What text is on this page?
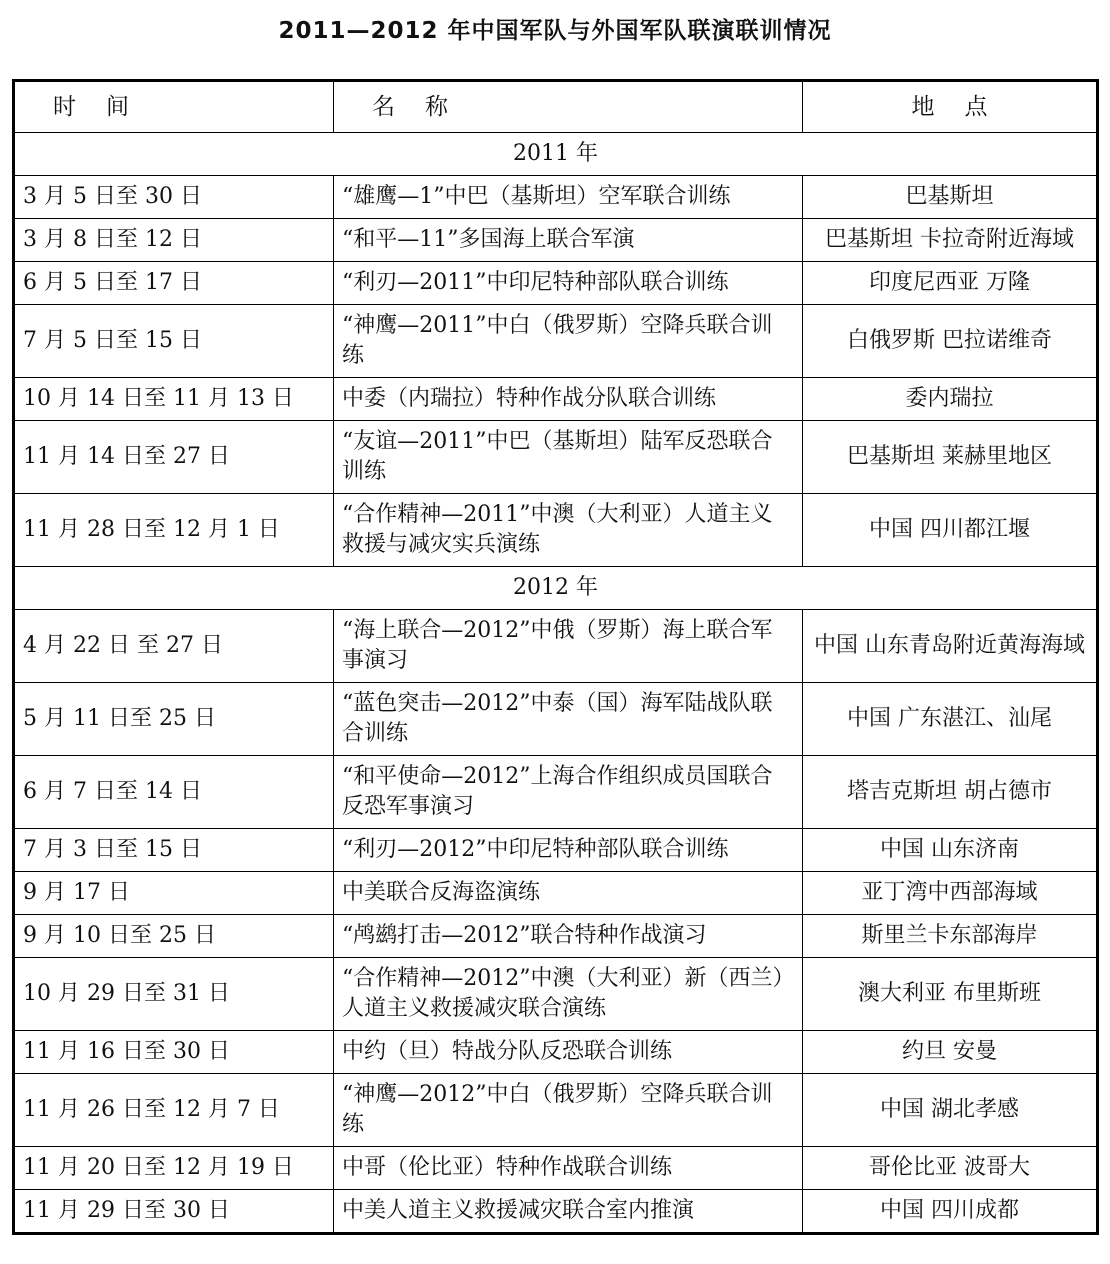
2011—2012 年中国军队与外国军队联演联训情况
时间	名称	地点
2011 年		
3 月 5 日至 30 日	“雄鹰—1”中巴（基斯坦）空军联合训练	巴基斯坦
3 月 8 日至 12 日	“和平—11”多国海上联合军演	巴基斯坦 卡拉奇附近海域
6 月 5 日至 17 日	“利刃—2011”中印尼特种部队联合训练	印度尼西亚 万隆
7 月 5 日至 15 日	“神鹰—2011”中白（俄罗斯）空降兵联合训练	白俄罗斯 巴拉诺维奇
10 月 14 日至 11 月 13 日	中委（内瑞拉）特种作战分队联合训练	委内瑞拉
11 月 14 日至 27 日	“友谊—2011”中巴（基斯坦）陆军反恐联合训练	巴基斯坦 莱赫里地区
11 月 28 日至 12 月 1 日	“合作精神—2011”中澳（大利亚）人道主义救援与减灾实兵演练	中国 四川都江堰
2012 年		
4 月 22 日 至 27 日	“海上联合—2012”中俄（罗斯）海上联合军事演习	中国 山东青岛附近黄海海域
5 月 11 日至 25 日	“蓝色突击—2012”中泰（国）海军陆战队联合训练	中国 广东湛江、汕尾
6 月 7 日至 14 日	“和平使命—2012”上海合作组织成员国联合反恐军事演习	塔吉克斯坦 胡占德市
7 月 3 日至 15 日	“利刃—2012”中印尼特种部队联合训练	中国 山东济南
9 月 17 日	中美联合反海盗演练	亚丁湾中西部海域
9 月 10 日至 25 日	“鸬鹚打击—2012”联合特种作战演习	斯里兰卡东部海岸
10 月 29 日至 31 日	“合作精神—2012”中澳（大利亚）新（西兰）人道主义救援减灾联合演练	澳大利亚 布里斯班
11 月 16 日至 30 日	中约（旦）特战分队反恐联合训练	约旦 安曼
11 月 26 日至 12 月 7 日	“神鹰—2012”中白（俄罗斯）空降兵联合训练	中国 湖北孝感
11 月 20 日至 12 月 19 日	中哥（伦比亚）特种作战联合训练	哥伦比亚 波哥大
11 月 29 日至 30 日	中美人道主义救援减灾联合室内推演	中国 四川成都
